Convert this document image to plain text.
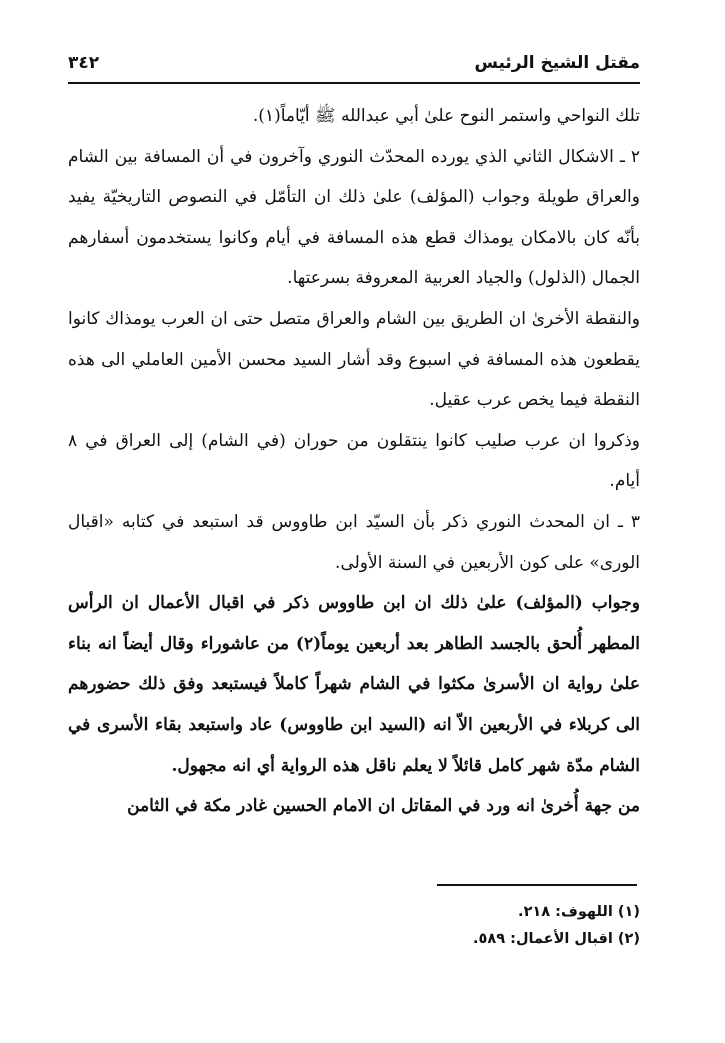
مقتل الشيخ الرئيس
٣٤٢

تلك النواحي واستمر النوح علىٰ أبي عبدالله ﷺ أيّاماً(١).

٢ ـ الاشكال الثاني الذي يورده المحدّث النوري وآخرون في أن المسافة بين الشام والعراق طويلة وجواب (المؤلف) علىٰ ذلك ان التأمّل في النصوص التاريخيّة يفيد بأنّه كان بالامكان يومذاك قطع هذه المسافة في أيام وكانوا يستخدمون أسفارهم الجمال (الذلول) والجياد العربية المعروفة بسرعتها.

والنقطة الأخرىٰ ان الطريق بين الشام والعراق متصل حتى ان العرب يومذاك كانوا يقطعون هذه المسافة في اسبوع وقد أشار السيد محسن الأمين العاملي الى هذه النقطة فيما يخص عرب عقيل.

وذكروا ان عرب صليب كانوا ينتقلون من حوران (في الشام) إلى العراق في ٨ أيام.

٣ ـ ان المحدث النوري ذكر بأن السيّد ابن طاووس قد استبعد في كتابه «اقبال الورى» على كون الأربعين في السنة الأولى.

وجواب (المؤلف) علىٰ ذلك ان ابن طاووس ذكر في اقبال الأعمال ان الرأس المطهر أُلحق بالجسد الطاهر بعد أربعين يوماً(٢) من عاشوراء وقال أيضاً انه بناء علىٰ رواية ان الأسرىٰ مكثوا في الشام شهراً كاملاً فيستبعد وفق ذلك حضورهم الى كربلاء في الأربعين الاّ انه (السيد ابن طاووس) عاد واستبعد بقاء الأسرى في الشام مدّة شهر كامل قائلاً لا يعلم ناقل هذه الرواية أي انه مجهول.

من جهة أُخرىٰ انه ورد في المقاتل ان الامام الحسين غادر مكة في الثامن

(١) اللهوف: ٢١٨.

(٢) اقبال الأعمال: ٥٨٩.
